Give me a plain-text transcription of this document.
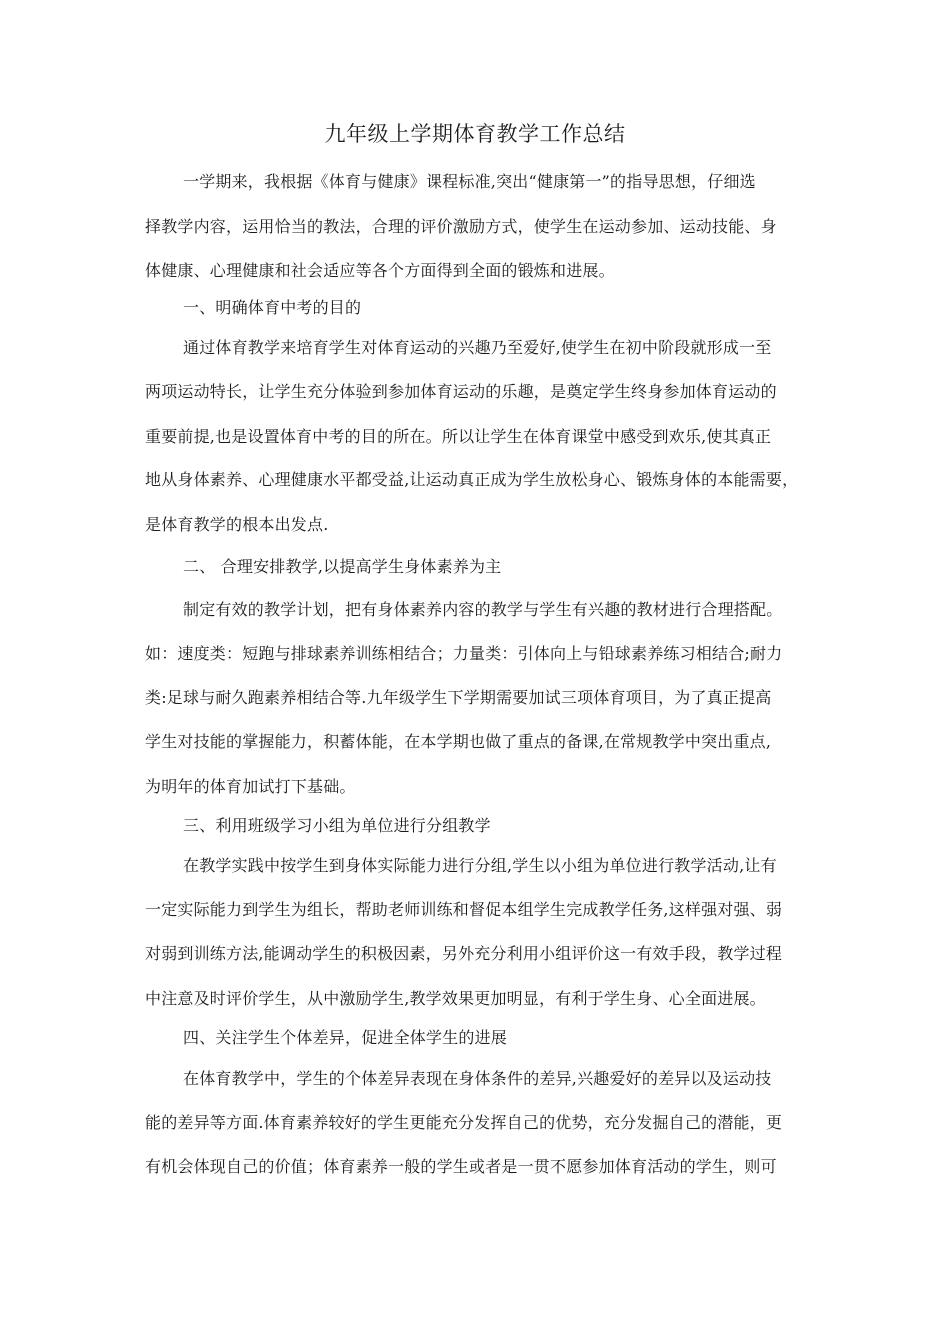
九年级上学期体育教学工作总结
一学期来，我根据《体育与健康》课程标准,突出“健康第一”的指导思想，仔细选
择教学内容，运用恰当的教法，合理的评价激励方式，使学生在运动参加、运动技能、身
体健康、心理健康和社会适应等各个方面得到全面的锻炼和进展。
一、明确体育中考的目的
通过体育教学来培育学生对体育运动的兴趣乃至爱好,使学生在初中阶段就形成一至
两项运动特长，让学生充分体验到参加体育运动的乐趣，是奠定学生终身参加体育运动的
重要前提,也是设置体育中考的目的所在。所以让学生在体育课堂中感受到欢乐,使其真正
地从身体素养、心理健康水平都受益,让运动真正成为学生放松身心、锻炼身体的本能需要，
是体育教学的根本出发点.
二、 合理安排教学,以提高学生身体素养为主
制定有效的教学计划，把有身体素养内容的教学与学生有兴趣的教材进行合理搭配。
如：速度类：短跑与排球素养训练相结合；力量类：引体向上与铅球素养练习相结合;耐力
类:足球与耐久跑素养相结合等.九年级学生下学期需要加试三项体育项目，为了真正提高
学生对技能的掌握能力，积蓄体能，在本学期也做了重点的备课,在常规教学中突出重点,
为明年的体育加试打下基础。
三、利用班级学习小组为单位进行分组教学
在教学实践中按学生到身体实际能力进行分组,学生以小组为单位进行教学活动,让有
一定实际能力到学生为组长，帮助老师训练和督促本组学生完成教学任务,这样强对强、弱
对弱到训练方法,能调动学生的积极因素，另外充分利用小组评价这一有效手段，教学过程
中注意及时评价学生，从中激励学生,教学效果更加明显，有利于学生身、心全面进展。
四、关注学生个体差异，促进全体学生的进展
在体育教学中，学生的个体差异表现在身体条件的差异,兴趣爱好的差异以及运动技
能的差异等方面.体育素养较好的学生更能充分发挥自己的优势，充分发掘自己的潜能，更
有机会体现自己的价值；体育素养一般的学生或者是一贯不愿参加体育活动的学生，则可
